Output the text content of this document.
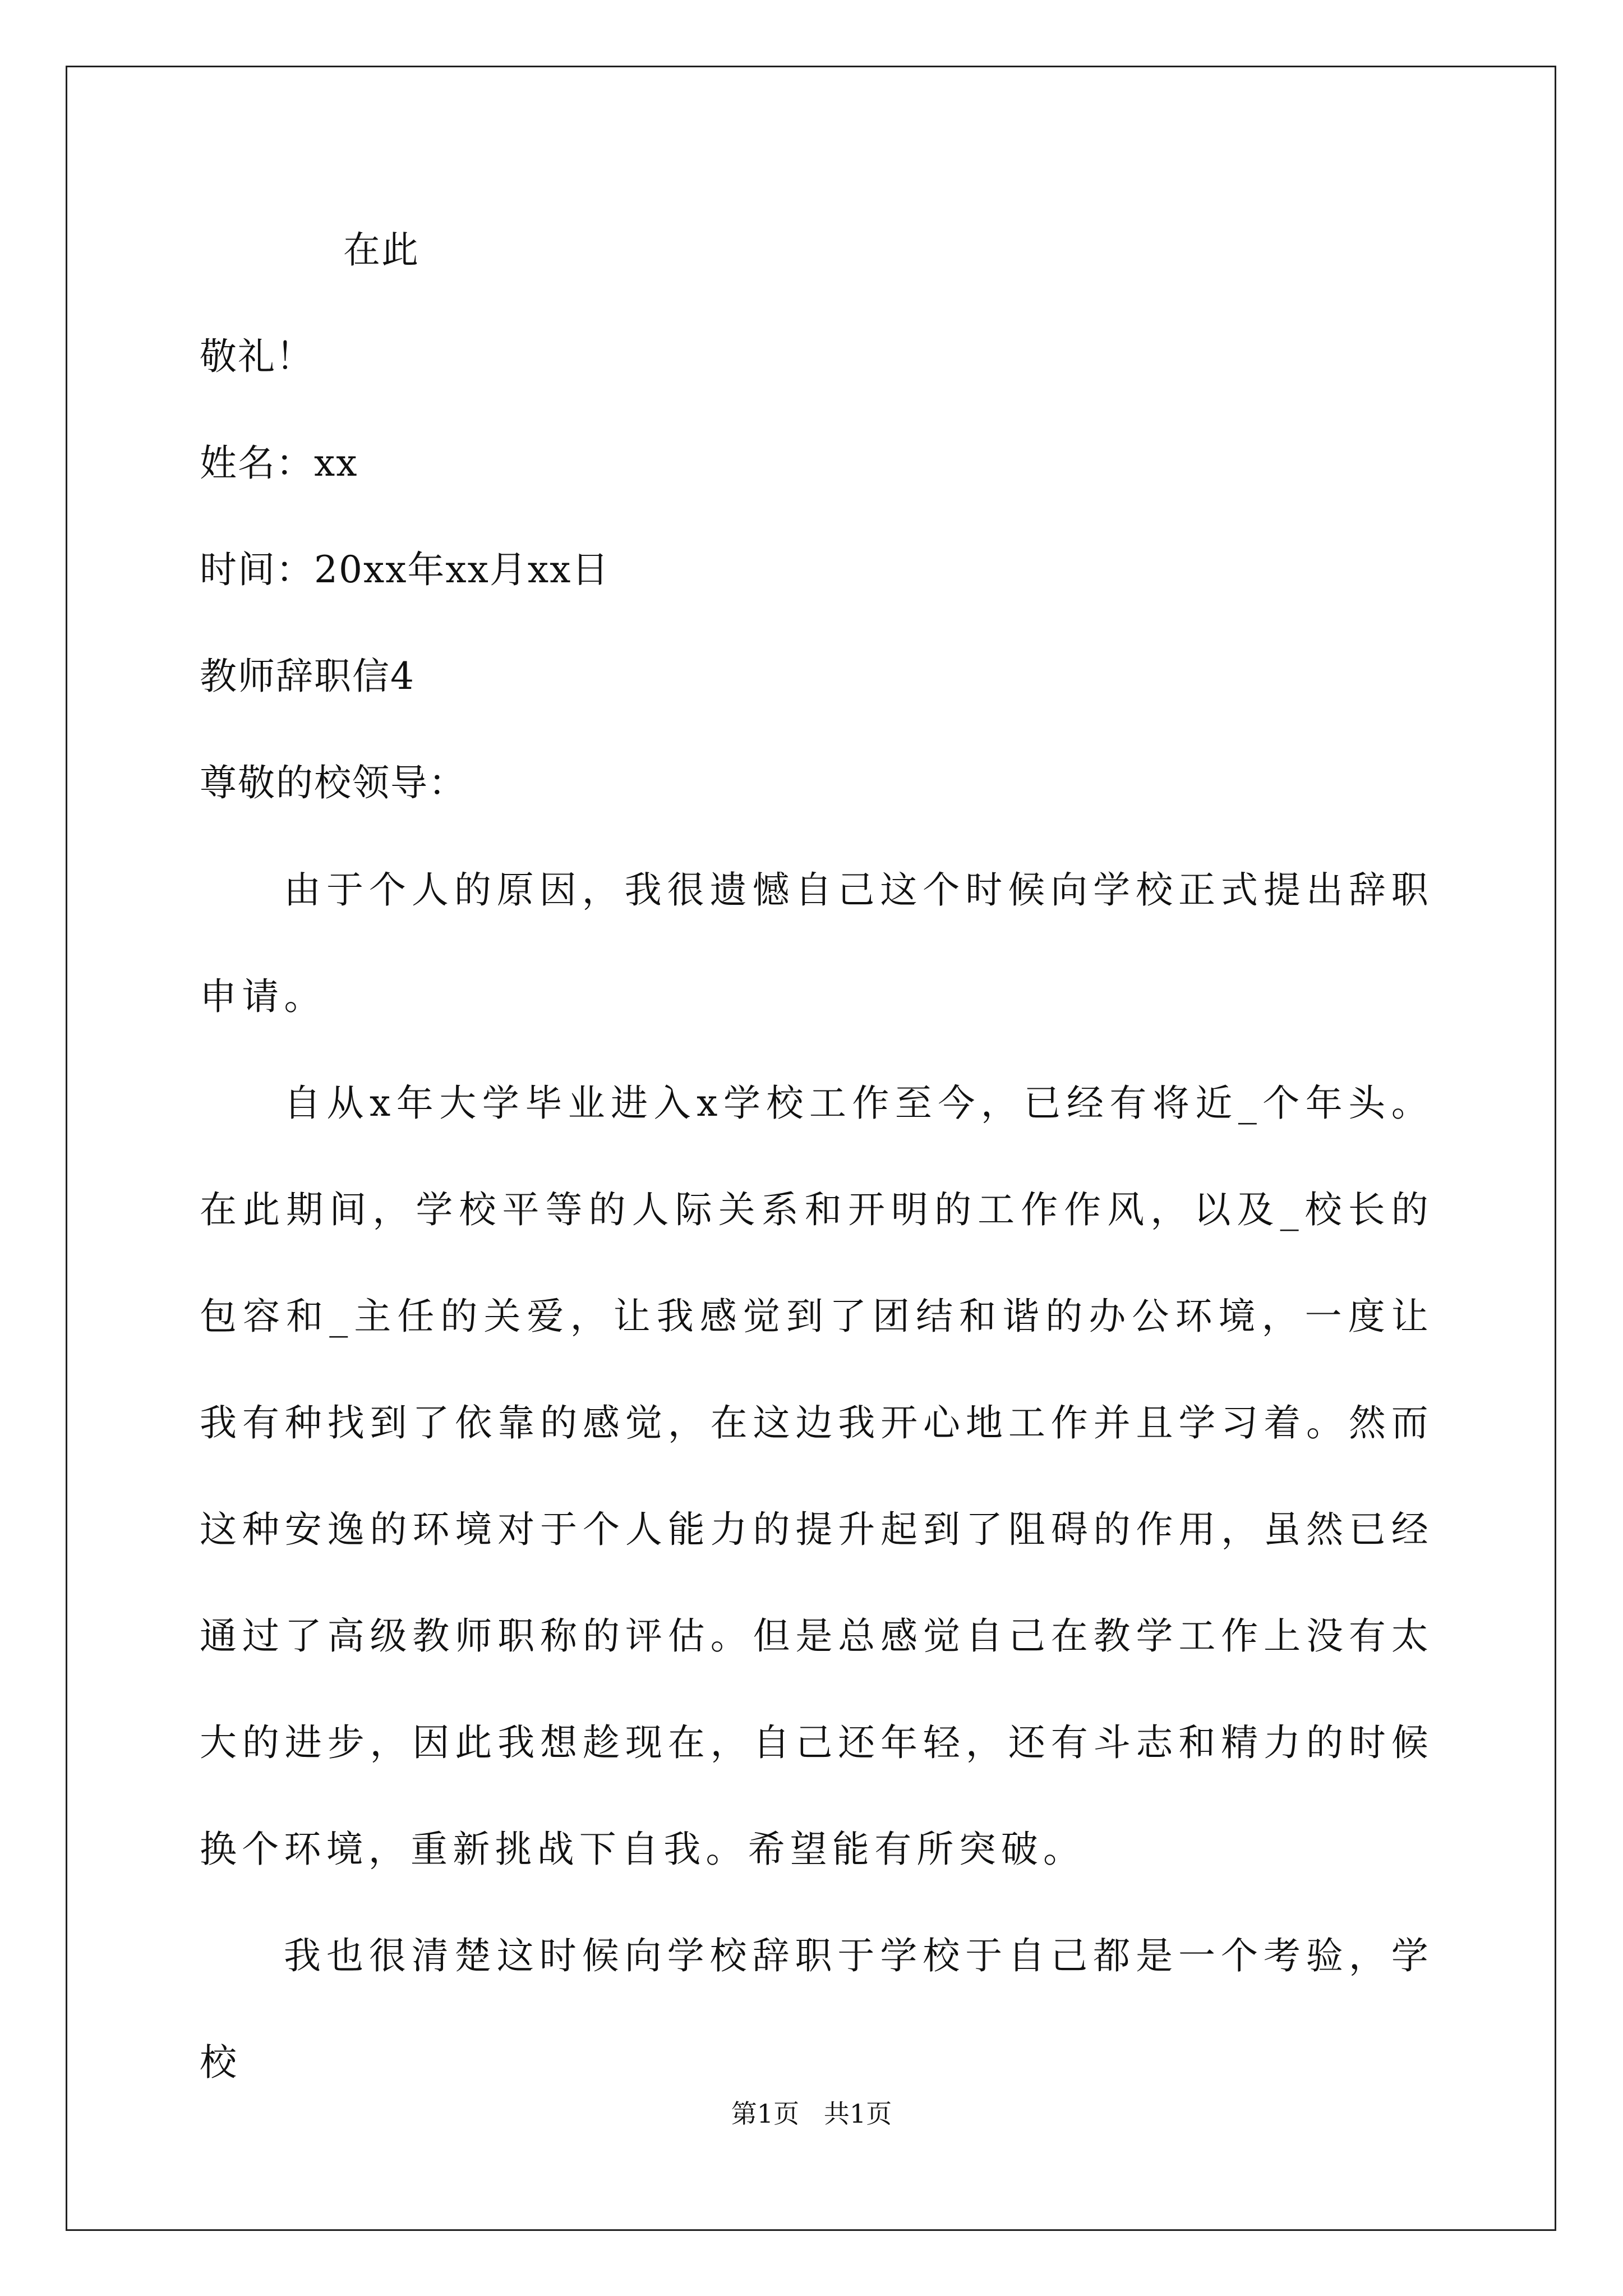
在此
敬礼！
姓名：xx
时间：20xx年xx月xx日
教师辞职信4
尊敬的校领导：
由于个人的原因，我很遗憾自己这个时候向学校正式提出辞职申请。
自从x年大学毕业进入x学校工作至今，已经有将近_个年头。在此期间，学校平等的人际关系和开明的工作作风，以及_校长的包容和_主任的关爱，让我感觉到了团结和谐的办公环境，一度让我有种找到了依靠的感觉，在这边我开心地工作并且学习着。然而这种安逸的环境对于个人能力的提升起到了阻碍的作用，虽然已经通过了高级教师职称的评估。但是总感觉自己在教学工作上没有太大的进步，因此我想趁现在，自己还年轻，还有斗志和精力的时候换个环境，重新挑战下自我。希望能有所突破。
我也很清楚这时候向学校辞职于学校于自己都是一个考验，学校
第1页   共1页
